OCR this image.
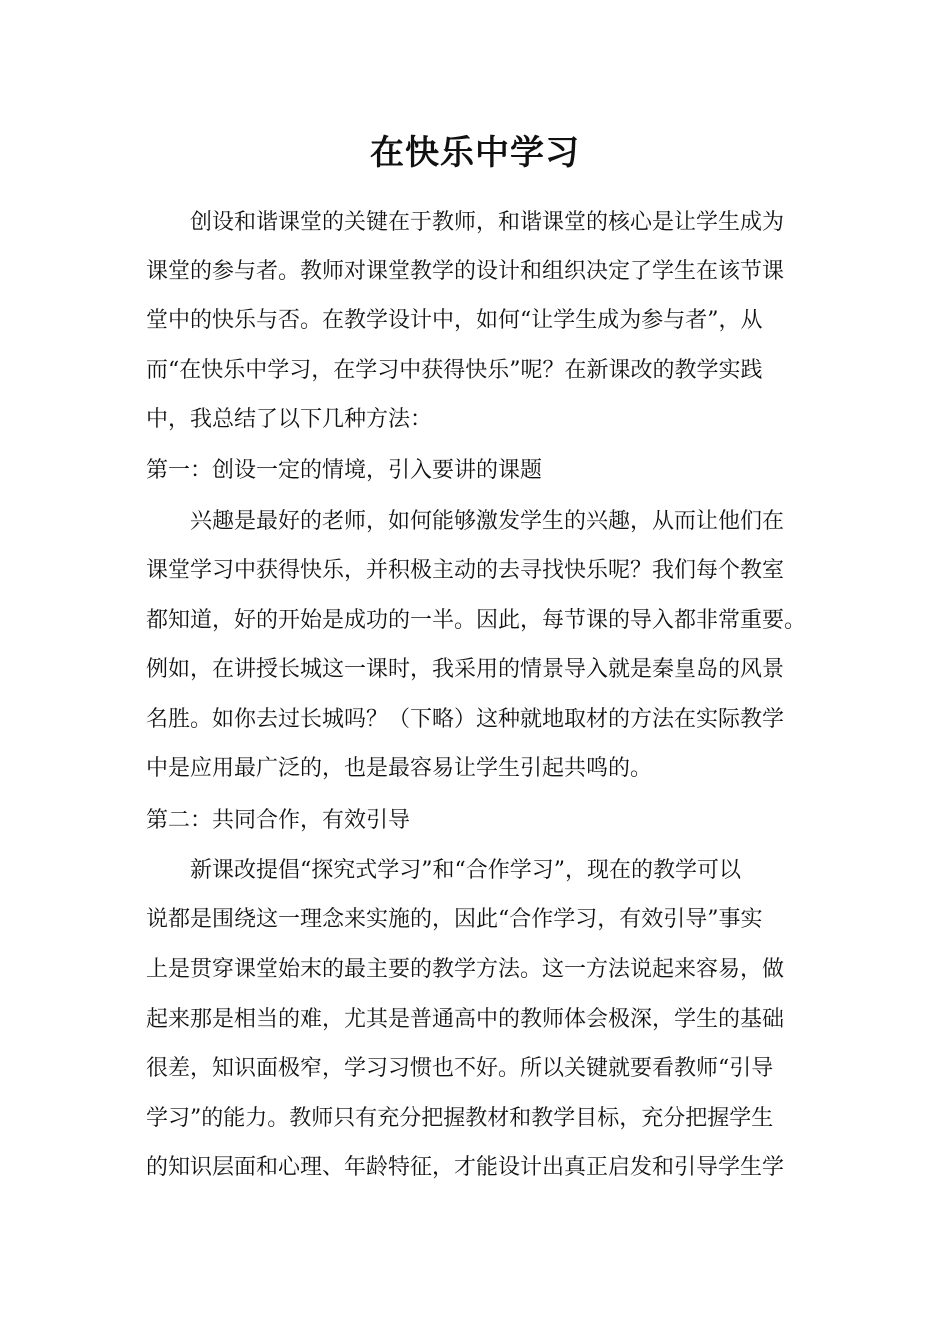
在快乐中学习
创设和谐课堂的关键在于教师，和谐课堂的核心是让学生成为
课堂的参与者。教师对课堂教学的设计和组织决定了学生在该节课
堂中的快乐与否。在教学设计中，如何“让学生成为参与者”，从
而“在快乐中学习，在学习中获得快乐”呢？在新课改的教学实践
中，我总结了以下几种方法：
第一：创设一定的情境，引入要讲的课题
兴趣是最好的老师，如何能够激发学生的兴趣，从而让他们在
课堂学习中获得快乐，并积极主动的去寻找快乐呢？我们每个教室
都知道，好的开始是成功的一半。因此，每节课的导入都非常重要。
例如，在讲授长城这一课时，我采用的情景导入就是秦皇岛的风景
名胜。如你去过长城吗？（下略）这种就地取材的方法在实际教学
中是应用最广泛的，也是最容易让学生引起共鸣的。
第二：共同合作，有效引导
新课改提倡“探究式学习”和“合作学习”，现在的教学可以
说都是围绕这一理念来实施的，因此“合作学习，有效引导”事实
上是贯穿课堂始末的最主要的教学方法。这一方法说起来容易，做
起来那是相当的难，尤其是普通高中的教师体会极深，学生的基础
很差，知识面极窄，学习习惯也不好。所以关键就要看教师“引导
学习”的能力。教师只有充分把握教材和教学目标，充分把握学生
的知识层面和心理、年龄特征，才能设计出真正启发和引导学生学
